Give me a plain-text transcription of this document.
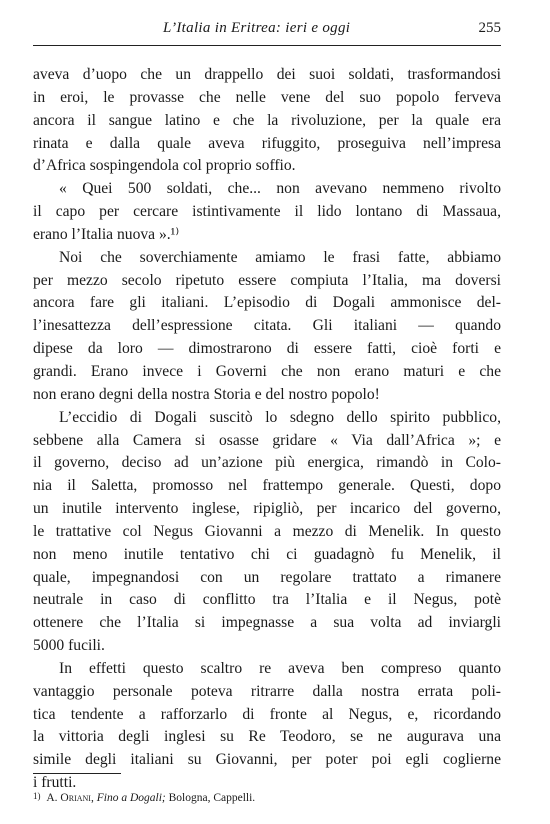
L’Italia in Eritrea: ieri e oggi	255
aveva d’uopo che un drappello dei suoi soldati, trasformandosi
in eroi, le provasse che nelle vene del suo popolo ferveva
ancora il sangue latino e che la rivoluzione, per la quale era
rinata e dalla quale aveva rifuggito, proseguiva nell’impresa
d’Africa sospingendola col proprio soffio.
« Quei 500 soldati, che... non avevano nemmeno rivolto
il capo per cercare istintivamente il lido lontano di Massaua,
erano l’Italia nuova ».¹⁾
Noi che soverchiamente amiamo le frasi fatte, abbiamo
per mezzo secolo ripetuto essere compiuta l’Italia, ma doversi
ancora fare gli italiani. L’episodio di Dogali ammonisce del-
l’inesattezza dell’espressione citata. Gli italiani — quando
dipese da loro — dimostrarono di essere fatti, cioè forti e
grandi. Erano invece i Governi che non erano maturi e che
non erano degni della nostra Storia e del nostro popolo!
L’eccidio di Dogali suscitò lo sdegno dello spirito pubblico,
sebbene alla Camera si osasse gridare « Via dall’Africa »; e
il governo, deciso ad un’azione più energica, rimandò in Colo-
nia il Saletta, promosso nel frattempo generale. Questi, dopo
un inutile intervento inglese, ripigliò, per incarico del governo,
le trattative col Negus Giovanni a mezzo di Menelik. In questo
non meno inutile tentativo chi ci guadagnò fu Menelik, il
quale, impegnandosi con un regolare trattato a rimanere
neutrale in caso di conflitto tra l’Italia e il Negus, potè
ottenere che l’Italia si impegnasse a sua volta ad inviargli
5000 fucili.
In effetti questo scaltro re aveva ben compreso quanto
vantaggio personale poteva ritrarre dalla nostra errata poli-
tica tendente a rafforzarlo di fronte al Negus, e, ricordando
la vittoria degli inglesi su Re Teodoro, se ne augurava una
simile degli italiani su Giovanni, per poter poi egli coglierne
i frutti.
1) A. Oriani, Fino a Dogali; Bologna, Cappelli.
